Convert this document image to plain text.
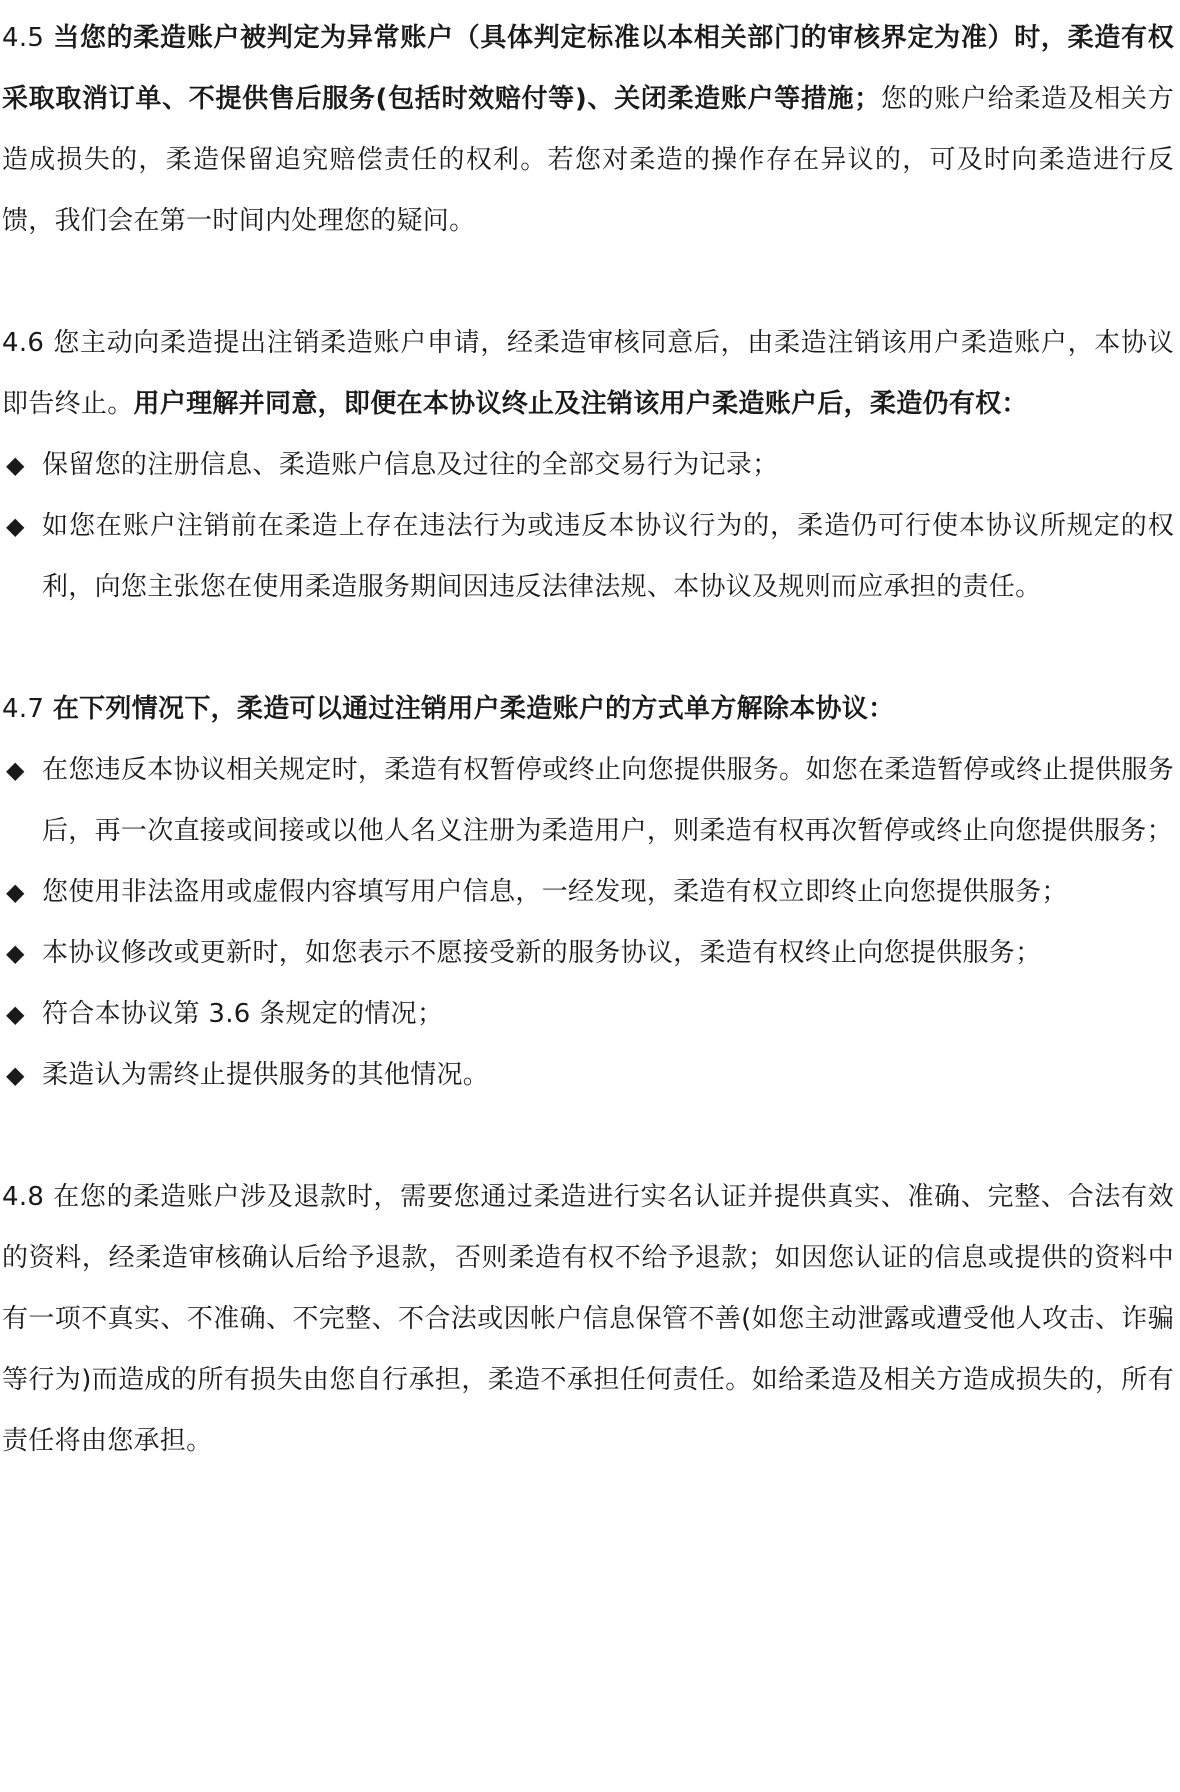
4.5 当您的柔造账户被判定为异常账户（具体判定标准以本相关部门的审核界定为准）时，柔造有权采取取消订单、不提供售后服务(包括时效赔付等)、关闭柔造账户等措施；您的账户给柔造及相关方造成损失的，柔造保留追究赔偿责任的权利。若您对柔造的操作存在异议的，可及时向柔造进行反馈，我们会在第一时间内处理您的疑问。

4.6 您主动向柔造提出注销柔造账户申请，经柔造审核同意后，由柔造注销该用户柔造账户，本协议即告终止。用户理解并同意，即便在本协议终止及注销该用户柔造账户后，柔造仍有权：

◆ 保留您的注册信息、柔造账户信息及过往的全部交易行为记录；
◆ 如您在账户注销前在柔造上存在违法行为或违反本协议行为的，柔造仍可行使本协议所规定的权利，向您主张您在使用柔造服务期间因违反法律法规、本协议及规则而应承担的责任。

4.7 在下列情况下，柔造可以通过注销用户柔造账户的方式单方解除本协议：

◆ 在您违反本协议相关规定时，柔造有权暂停或终止向您提供服务。如您在柔造暂停或终止提供服务后，再一次直接或间接或以他人名义注册为柔造用户，则柔造有权再次暂停或终止向您提供服务；
◆ 您使用非法盗用或虚假内容填写用户信息，一经发现，柔造有权立即终止向您提供服务；
◆ 本协议修改或更新时，如您表示不愿接受新的服务协议，柔造有权终止向您提供服务；
◆ 符合本协议第 3.6 条规定的情况；
◆ 柔造认为需终止提供服务的其他情况。

4.8 在您的柔造账户涉及退款时，需要您通过柔造进行实名认证并提供真实、准确、完整、合法有效的资料，经柔造审核确认后给予退款，否则柔造有权不给予退款；如因您认证的信息或提供的资料中有一项不真实、不准确、不完整、不合法或因帐户信息保管不善(如您主动泄露或遭受他人攻击、诈骗等行为)而造成的所有损失由您自行承担，柔造不承担任何责任。如给柔造及相关方造成损失的，所有责任将由您承担。
